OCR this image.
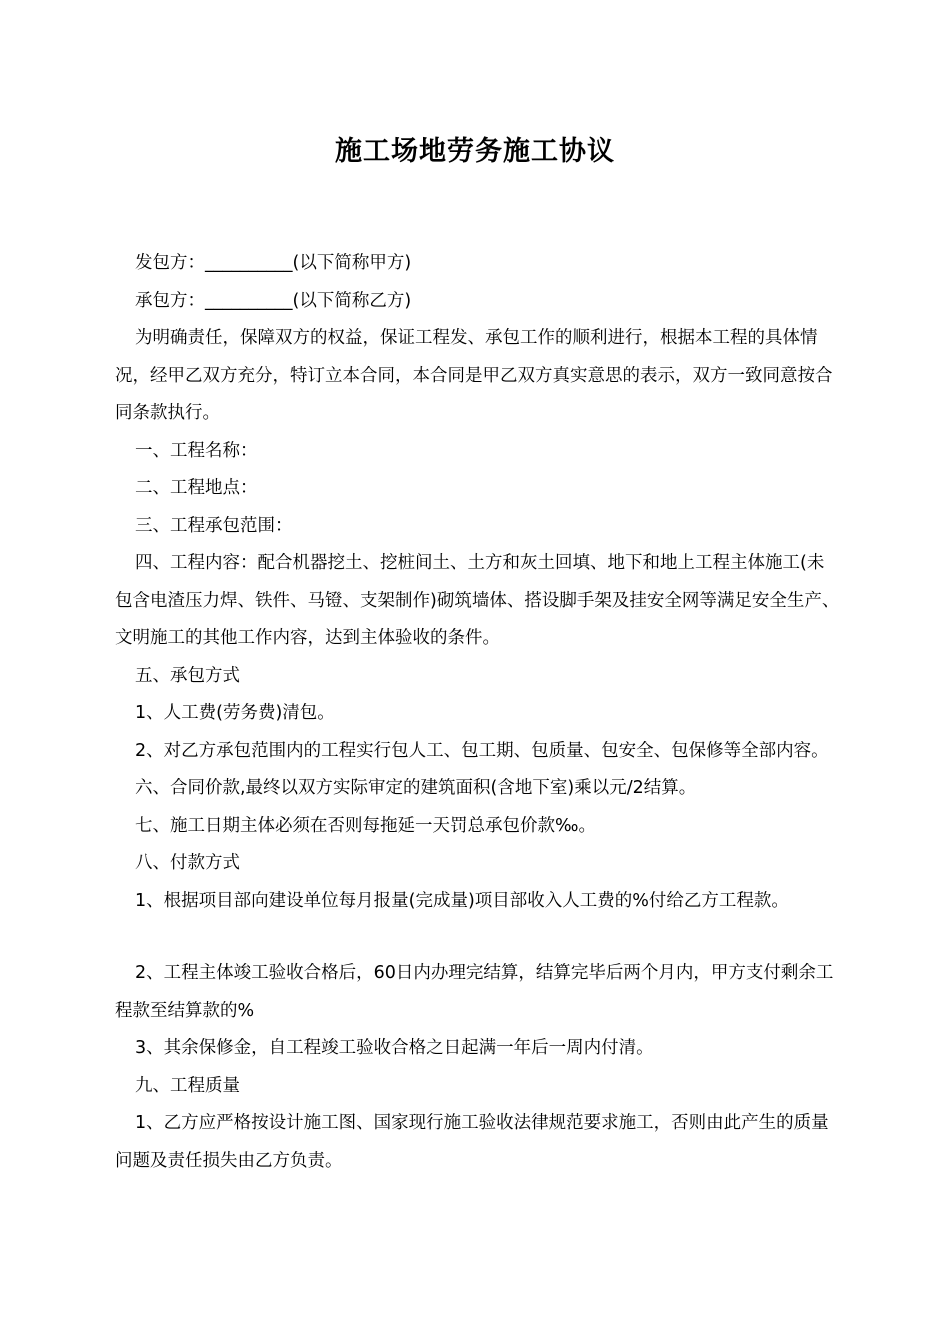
施工场地劳务施工协议

发包方：__________(以下简称甲方)

承包方：__________(以下简称乙方)

为明确责任，保障双方的权益，保证工程发、承包工作的顺利进行，根据本工程的具体情况，经甲乙双方充分，特订立本合同，本合同是甲乙双方真实意思的表示，双方一致同意按合同条款执行。

一、工程名称：

二、工程地点：

三、工程承包范围：

四、工程内容：配合机器挖土、挖桩间土、土方和灰土回填、地下和地上工程主体施工(未包含电渣压力焊、铁件、马镫、支架制作)砌筑墙体、搭设脚手架及挂安全网等满足安全生产、文明施工的其他工作内容，达到主体验收的条件。

五、承包方式

1、人工费(劳务费)清包。

2、对乙方承包范围内的工程实行包人工、包工期、包质量、包安全、包保修等全部内容。

六、合同价款,最终以双方实际审定的建筑面积(含地下室)乘以元/2结算。

七、施工日期主体必须在否则每拖延一天罚总承包价款‰。

八、付款方式

1、根据项目部向建设单位每月报量(完成量)项目部收入人工费的%付给乙方工程款。

2、工程主体竣工验收合格后，60日内办理完结算，结算完毕后两个月内，甲方支付剩余工程款至结算款的%

3、其余保修金，自工程竣工验收合格之日起满一年后一周内付清。

九、工程质量

1、乙方应严格按设计施工图、国家现行施工验收法律规范要求施工，否则由此产生的质量问题及责任损失由乙方负责。
